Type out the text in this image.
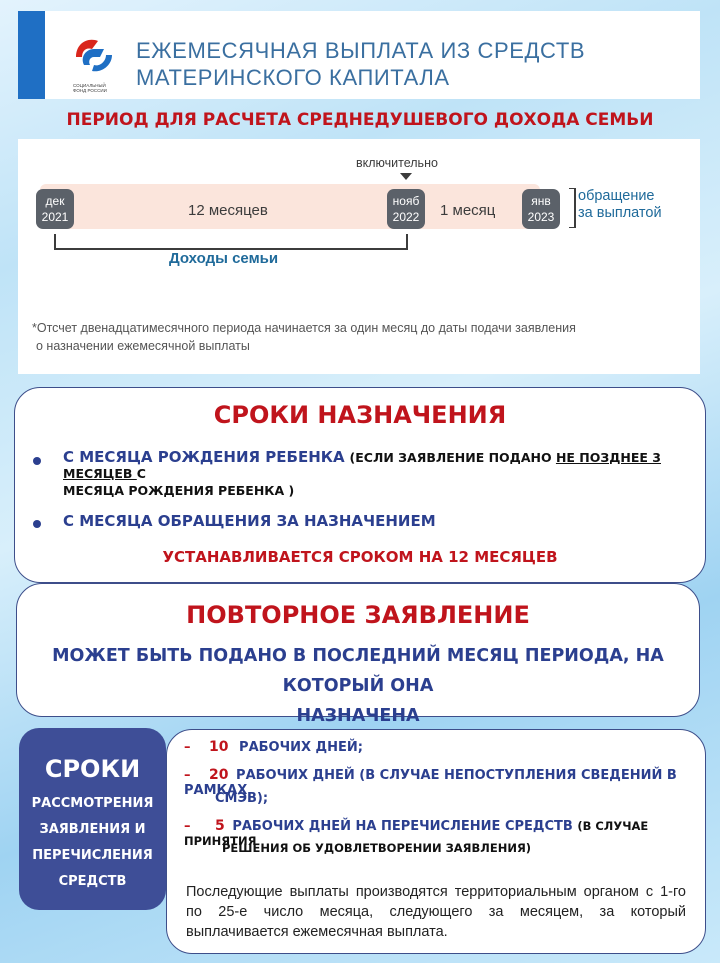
СОЦИАЛЬНЫЙ ФОНД РОССИИ
ЕЖЕМЕСЯЧНАЯ ВЫПЛАТА ИЗ СРЕДСТВ
МАТЕРИНСКОГО КАПИТАЛА
ПЕРИОД ДЛЯ РАСЧЕТА СРЕДНЕДУШЕВОГО ДОХОДА СЕМЬИ
дек
2021	12 месяцев
включительно
нояб
2022	1 месяц
янв
2023
обращение
за выплатой
Доходы семьи
*Отсчет двенадцатимесячного периода начинается за один месяц до даты подачи заявления
о назначении ежемесячной выплаты
СРОКИ НАЗНАЧЕНИЯ
С МЕСЯЦА РОЖДЕНИЯ РЕБЕНКА (ЕСЛИ ЗАЯВЛЕНИЕ ПОДАНО НЕ ПОЗДНЕЕ 3 МЕСЯЦЕВ С
МЕСЯЦА РОЖДЕНИЯ РЕБЕНКА )
С МЕСЯЦА ОБРАЩЕНИЯ ЗА НАЗНАЧЕНИЕМ
УСТАНАВЛИВАЕТСЯ СРОКОМ НА 12 МЕСЯЦЕВ
ПОВТОРНОЕ ЗАЯВЛЕНИЕ
МОЖЕТ БЫТЬ ПОДАНО В ПОСЛЕДНИЙ МЕСЯЦ ПЕРИОДА, НА КОТОРЫЙ ОНА
НАЗНАЧЕНА
СРОКИ
РАССМОТРЕНИЯ
ЗАЯВЛЕНИЯ И
ПЕРЕЧИСЛЕНИЯ
СРЕДСТВ
– 10 РАБОЧИХ ДНЕЙ;
– 20 РАБОЧИХ ДНЕЙ (В СЛУЧАЕ НЕПОСТУПЛЕНИЯ СВЕДЕНИЙ В РАМКАХ
СМЭВ);
– 5 РАБОЧИХ ДНЕЙ НА ПЕРЕЧИСЛЕНИЕ СРЕДСТВ (В СЛУЧАЕ ПРИНЯТИЯ
РЕШЕНИЯ ОБ УДОВЛЕТВОРЕНИИ ЗАЯВЛЕНИЯ)
Последующие выплаты производятся территориальным органом с 1-го по 25-е число месяца, следующего за месяцем, за который выплачивается ежемесячная выплата.
